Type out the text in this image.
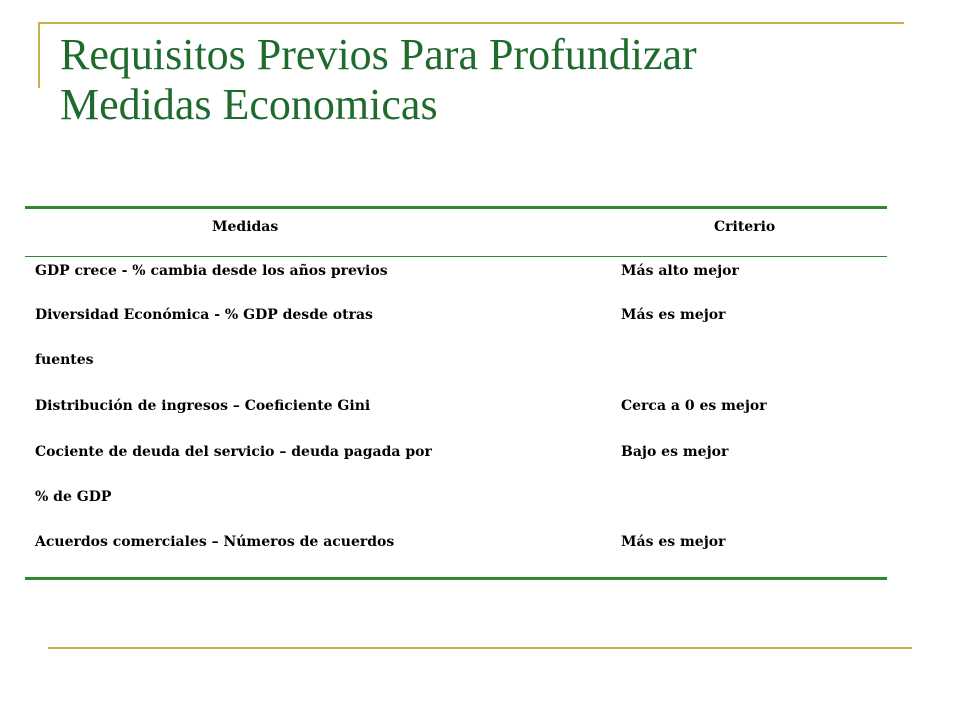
Requisitos Previos Para Profundizar
Medidas Economicas
Medidas	Criterio
GDP crece - % cambia desde los años previos	Más alto mejor
Diversidad Económica - % GDP desde otras	Más es mejor
fuentes
Distribución de ingresos – Coeficiente Gini	Cerca a 0 es mejor
Cociente de deuda del servicio – deuda pagada por	Bajo es mejor
% de GDP
Acuerdos comerciales – Números de acuerdos	Más es mejor
